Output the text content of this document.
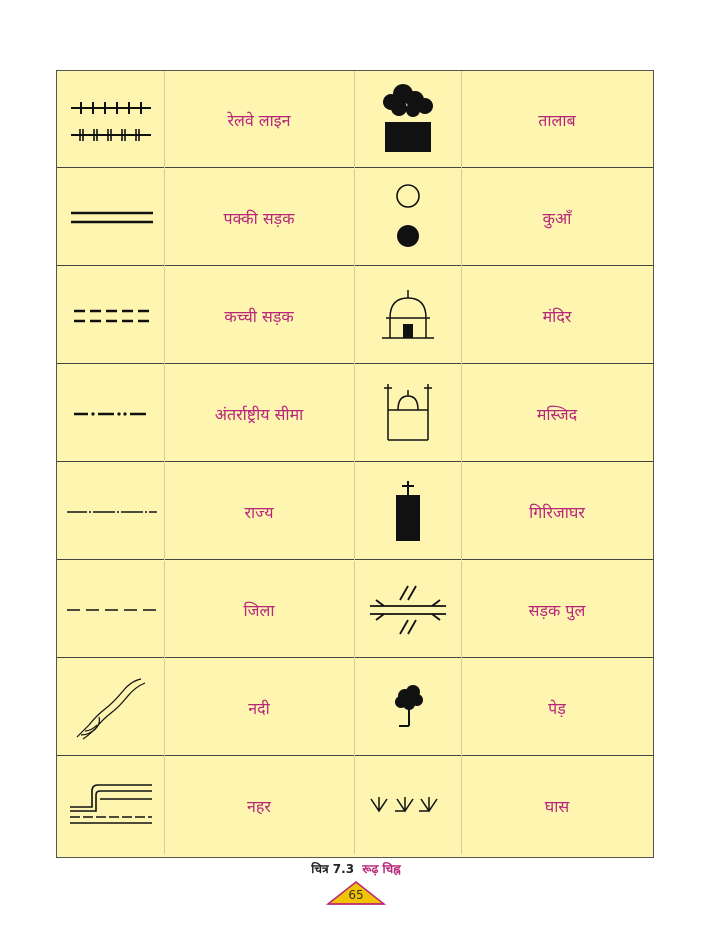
रेलवे लाइन	तालाब
पक्की सड़क	कुआँ
कच्ची सड़क	मंदिर
अंतर्राष्ट्रीय सीमा	मस्जिद
राज्य	गिरिजाघर
जिला	सड़क पुल
नदी	पेड़
नहर	घास
चित्र 7.3 रूढ़ चिह्न
65
